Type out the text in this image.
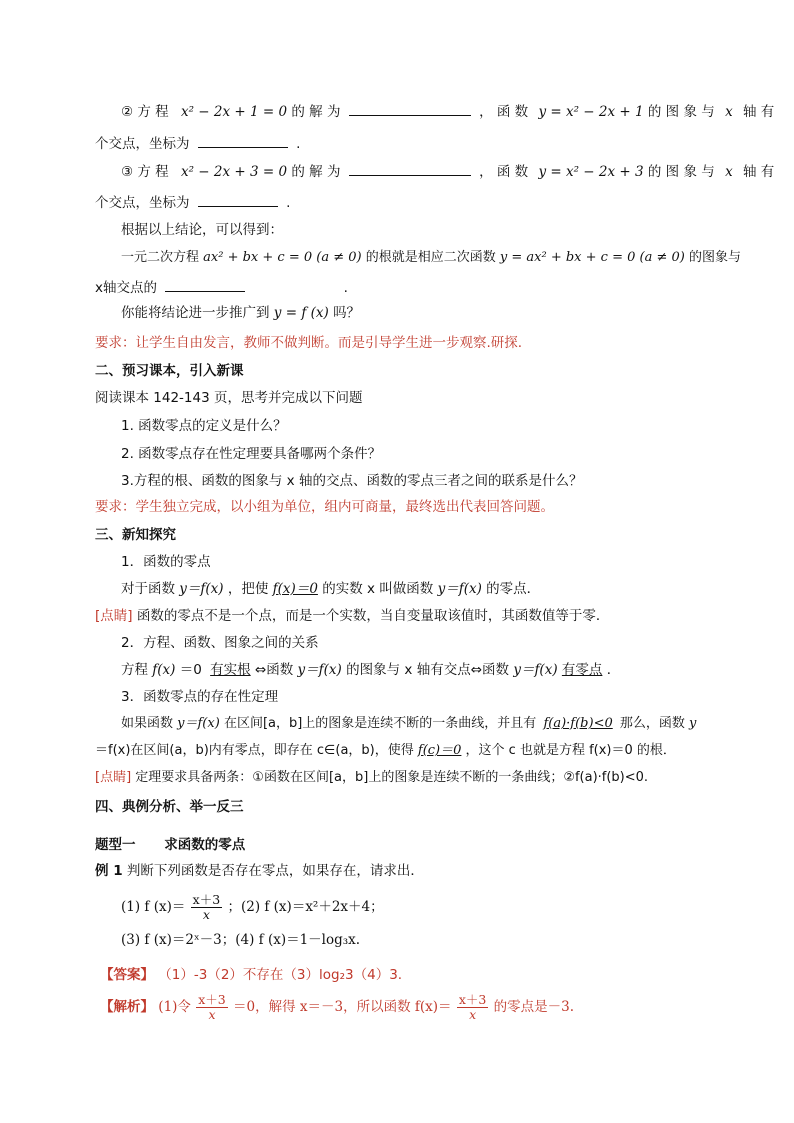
② 方 程 x² − 2x + 1 = 0 的 解 为	， 函 数 y = x² − 2x + 1 的 图 象 与 x 轴 有
个交点，坐标为	.
③ 方 程 x² − 2x + 3 = 0 的 解 为	， 函 数 y = x² − 2x + 3 的 图 象 与 x 轴 有
个交点，坐标为	.
根据以上结论，可以得到：
一元二次方程 ax² + bx + c = 0 (a ≠ 0) 的根就是相应二次函数 y = ax² + bx + c = 0 (a ≠ 0) 的图象与
x轴交点的	.
你能将结论进一步推广到 y = f (x) 吗？
要求：让学生自由发言，教师不做判断。而是引导学生进一步观察.研探.
二、预习课本，引入新课
阅读课本 142-143 页，思考并完成以下问题
1. 函数零点的定义是什么？
2. 函数零点存在性定理要具备哪两个条件？
3.方程的根、函数的图象与 x 轴的交点、函数的零点三者之间的联系是什么？
要求：学生独立完成，以小组为单位，组内可商量，最终选出代表回答问题。
三、新知探究
1．函数的零点
对于函数 y＝f(x) ，把使 f(x)＝0 的实数 x 叫做函数 y＝f(x) 的零点．
[点睛] 函数的零点不是一个点，而是一个实数，当自变量取该值时，其函数值等于零．
2．方程、函数、图象之间的关系
方程 f(x) ＝0 有实根 ⇔函数 y＝f(x) 的图象与 x 轴有交点⇔函数 y＝f(x) 有零点 ．
3．函数零点的存在性定理
如果函数 y＝f(x) 在区间[a，b]上的图象是连续不断的一条曲线，并且有 f(a)·f(b)<0 那么，函数 y
＝f(x)在区间(a，b)内有零点，即存在 c∈(a，b)，使得 f(c)＝0 ，这个 c 也就是方程 f(x)＝0 的根．
[点睛] 定理要求具备两条：①函数在区间[a，b]上的图象是连续不断的一条曲线；②f(a)·f(b)<0.
四、典例分析、举一反三
题型一 求函数的零点
例 1 判断下列函数是否存在零点，如果存在，请求出．
(1) f $(x)= \frac{x+3}{x}$ ；(2) f (x)＝x²＋2x＋4；
(3) f (x)＝2ˣ－3；(4) f (x)＝1－log₃x.
【答案】 （1）-3（2）不存在（3）log₂3（4）3.
【解析】 (1)令 $\frac{x+3}{x} =0$，解得 x＝－3，所以函数 $f(x)= \frac{x+3}{x}$ 的零点是－3.
